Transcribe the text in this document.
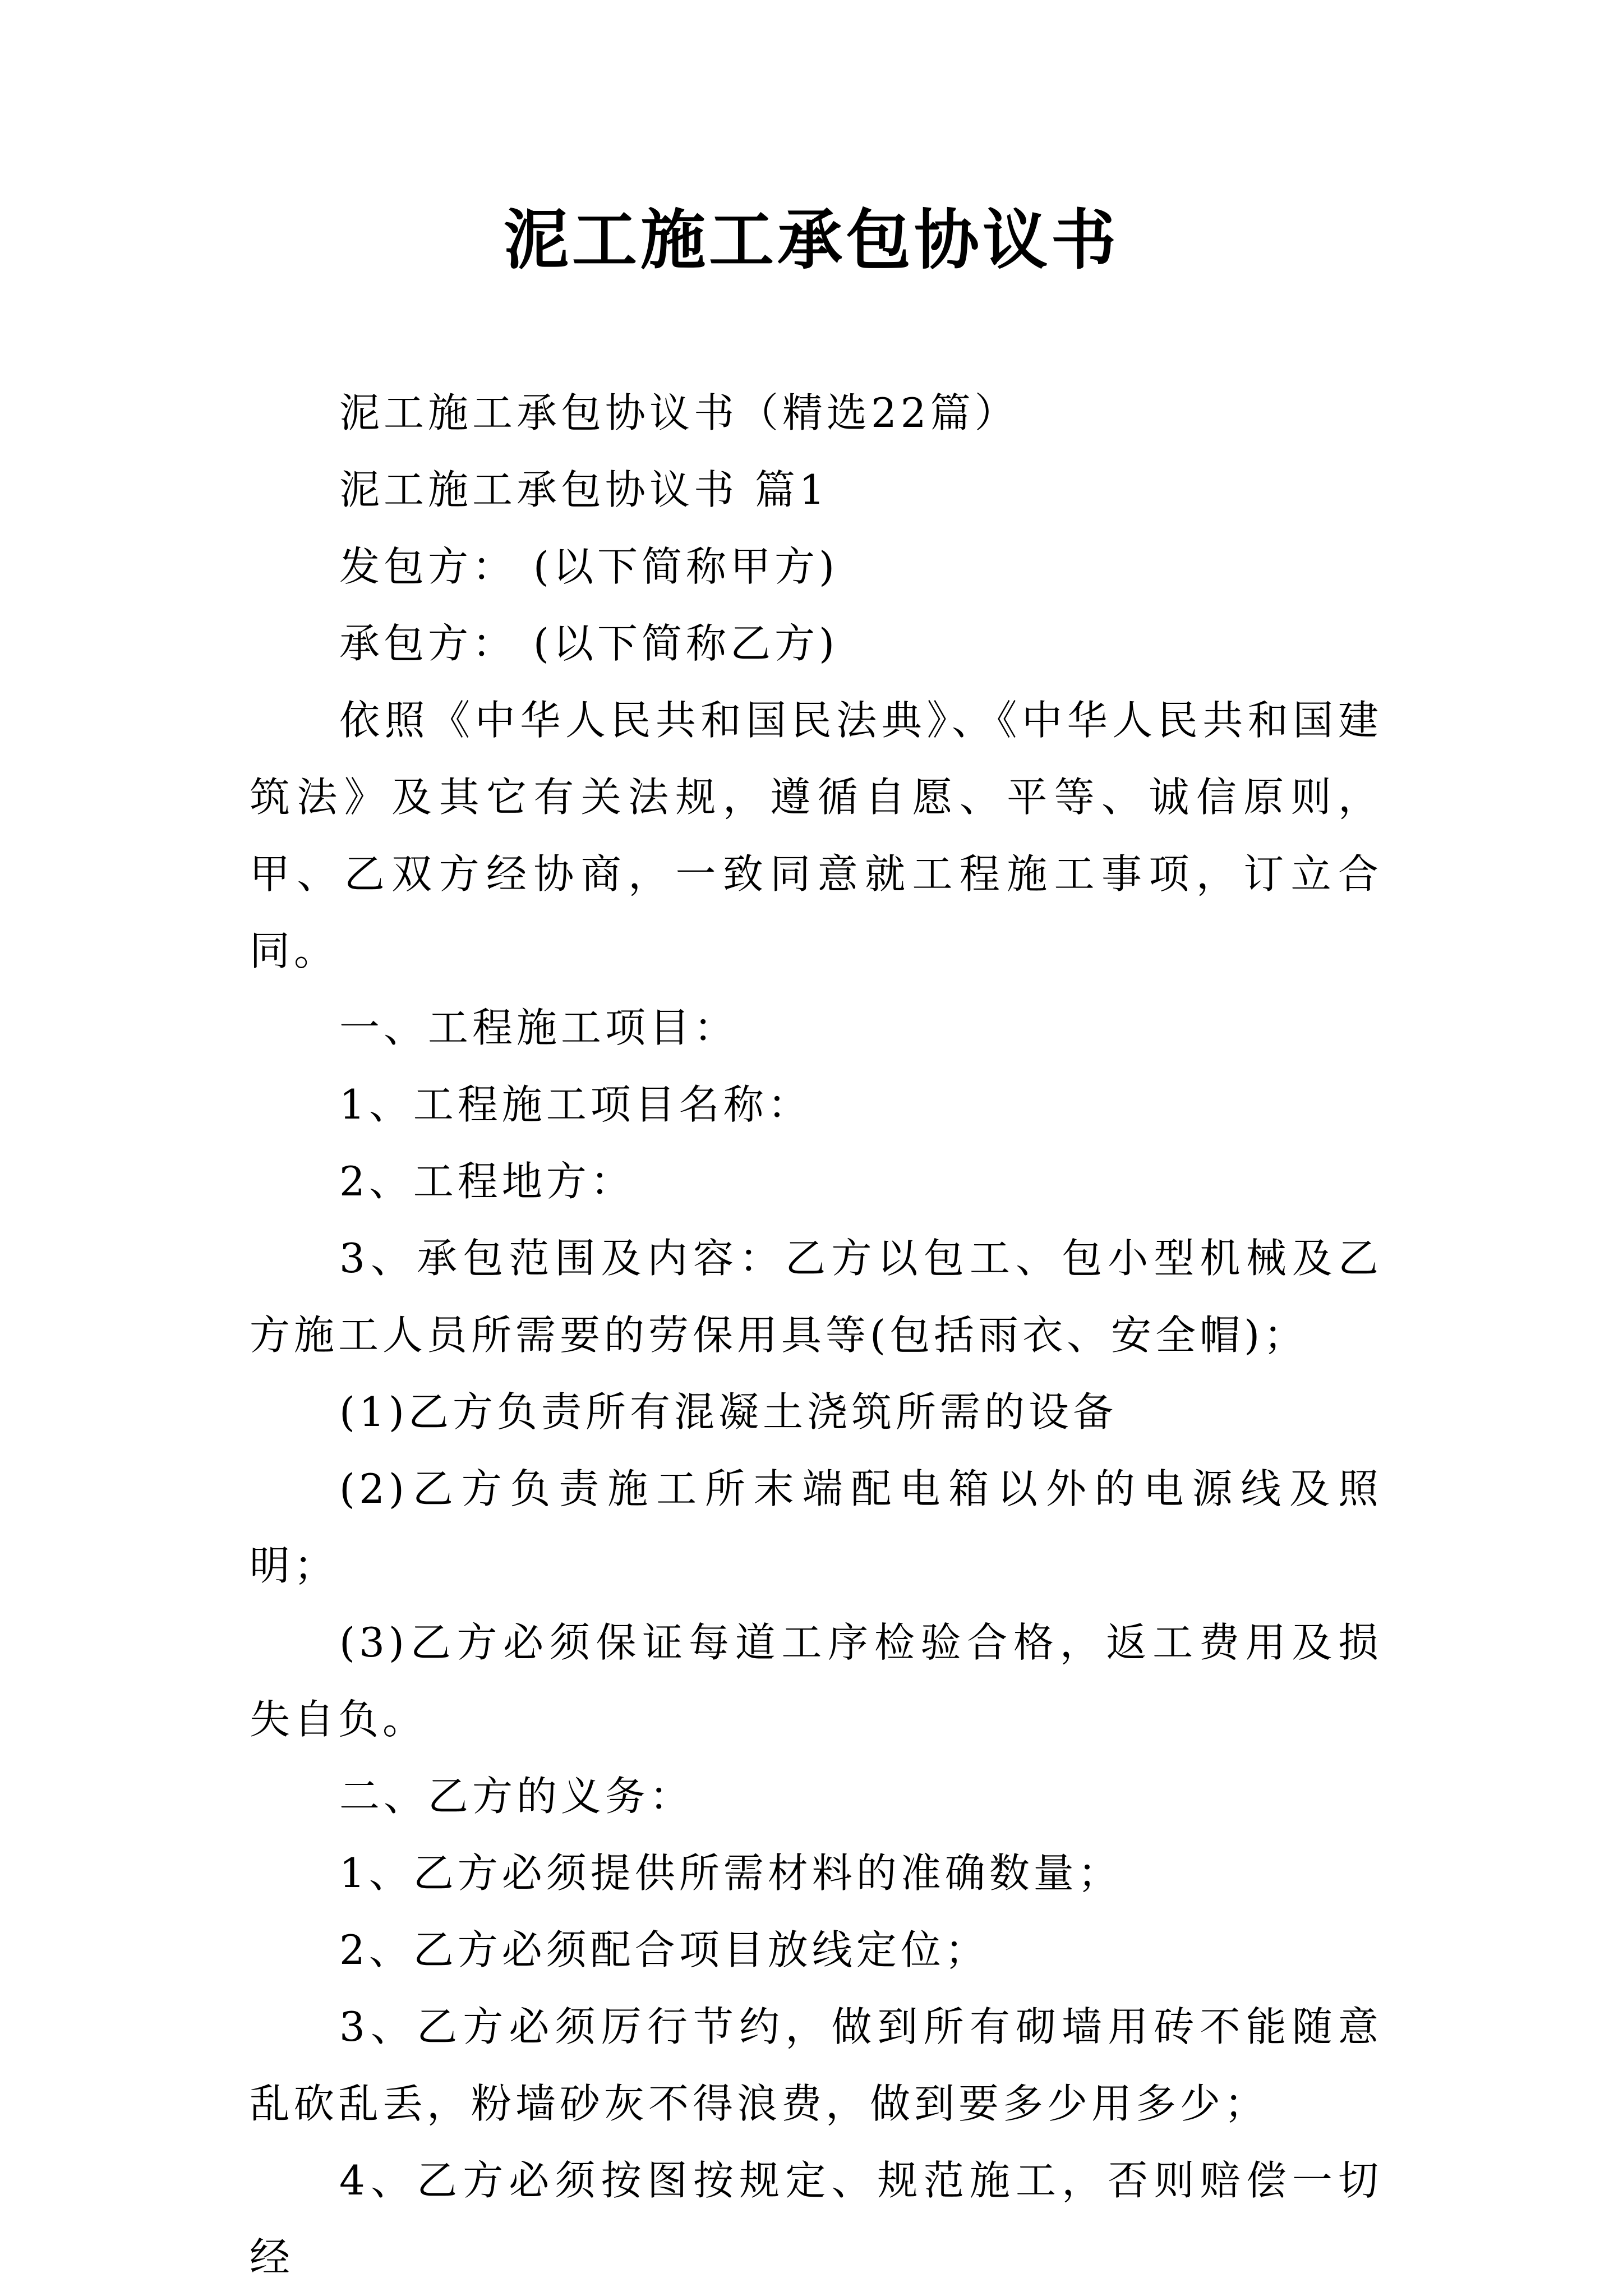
泥工施工承包协议书

泥工施工承包协议书（精选22篇）

泥工施工承包协议书 篇1

发包方： (以下简称甲方)

承包方： (以下简称乙方)

依照《中华人民共和国民法典》、《中华人民共和国建筑法》及其它有关法规，遵循自愿、平等、诚信原则，甲、乙双方经协商，一致同意就工程施工事项，订立合同。

一、工程施工项目：

1、工程施工项目名称：

2、工程地方：

3、承包范围及内容：乙方以包工、包小型机械及乙方施工人员所需要的劳保用具等(包括雨衣、安全帽)；

(1)乙方负责所有混凝土浇筑所需的设备

(2)乙方负责施工所末端配电箱以外的电源线及照明；

(3)乙方必须保证每道工序检验合格，返工费用及损失自负。

二、乙方的义务：

1、乙方必须提供所需材料的准确数量；

2、乙方必须配合项目放线定位；

3、乙方必须厉行节约，做到所有砌墙用砖不能随意乱砍乱丢，粉墙砂灰不得浪费，做到要多少用多少；

4、乙方必须按图按规定、规范施工，否则赔偿一切经
